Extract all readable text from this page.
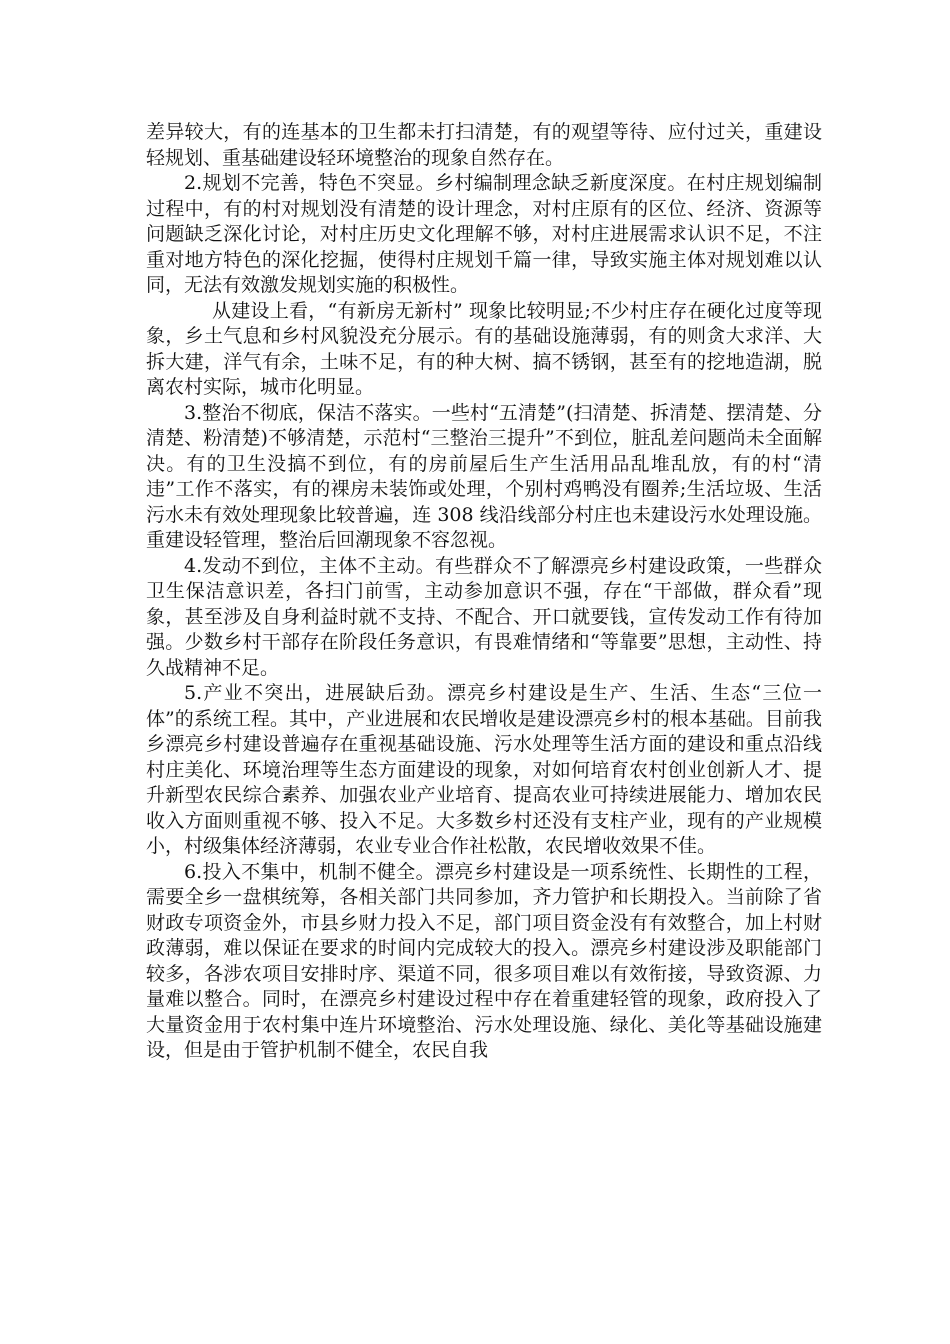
差异较大，有的连基本的卫生都未打扫清楚，有的观望等待、应付过关，重建设轻规划、重基础建设轻环境整治的现象自然存在。

2.规划不完善，特色不突显。乡村编制理念缺乏新度深度。在村庄规划编制过程中，有的村对规划没有清楚的设计理念，对村庄原有的区位、经济、资源等问题缺乏深化讨论，对村庄历史文化理解不够，对村庄进展需求认识不足，不注重对地方特色的深化挖掘，使得村庄规划千篇一律，导致实施主体对规划难以认同，无法有效激发规划实施的积极性。

从建设上看，“有新房无新村” 现象比较明显;不少村庄存在硬化过度等现象，乡土气息和乡村风貌没充分展示。有的基础设施薄弱，有的则贪大求洋、大拆大建，洋气有余，土味不足，有的种大树、搞不锈钢，甚至有的挖地造湖，脱离农村实际，城市化明显。

3.整治不彻底，保洁不落实。一些村“五清楚”(扫清楚、拆清楚、摆清楚、分清楚、粉清楚)不够清楚，示范村“三整治三提升”不到位，脏乱差问题尚未全面解决。有的卫生没搞不到位，有的房前屋后生产生活用品乱堆乱放，有的村“清违”工作不落实，有的裸房未装饰或处理，个别村鸡鸭没有圈养;生活垃圾、生活污水未有效处理现象比较普遍，连 308 线沿线部分村庄也未建设污水处理设施。重建设轻管理，整治后回潮现象不容忽视。

4.发动不到位，主体不主动。有些群众不了解漂亮乡村建设政策，一些群众卫生保洁意识差，各扫门前雪，主动参加意识不强，存在“干部做，群众看”现象，甚至涉及自身利益时就不支持、不配合、开口就要钱，宣传发动工作有待加强。少数乡村干部存在阶段任务意识，有畏难情绪和“等靠要”思想，主动性、持久战精神不足。

5.产业不突出，进展缺后劲。漂亮乡村建设是生产、生活、生态“三位一体”的系统工程。其中，产业进展和农民增收是建设漂亮乡村的根本基础。目前我乡漂亮乡村建设普遍存在重视基础设施、污水处理等生活方面的建设和重点沿线村庄美化、环境治理等生态方面建设的现象，对如何培育农村创业创新人才、提升新型农民综合素养、加强农业产业培育、提高农业可持续进展能力、增加农民收入方面则重视不够、投入不足。大多数乡村还没有支柱产业，现有的产业规模小，村级集体经济薄弱，农业专业合作社松散，农民增收效果不佳。

6.投入不集中，机制不健全。漂亮乡村建设是一项系统性、长期性的工程，需要全乡一盘棋统筹，各相关部门共同参加，齐力管护和长期投入。当前除了省财政专项资金外，市县乡财力投入不足，部门项目资金没有有效整合，加上村财政薄弱，难以保证在要求的时间内完成较大的投入。漂亮乡村建设涉及职能部门较多，各涉农项目安排时序、渠道不同，很多项目难以有效衔接，导致资源、力量难以整合。同时，在漂亮乡村建设过程中存在着重建轻管的现象，政府投入了大量资金用于农村集中连片环境整治、污水处理设施、绿化、美化等基础设施建设，但是由于管护机制不健全，农民自我
